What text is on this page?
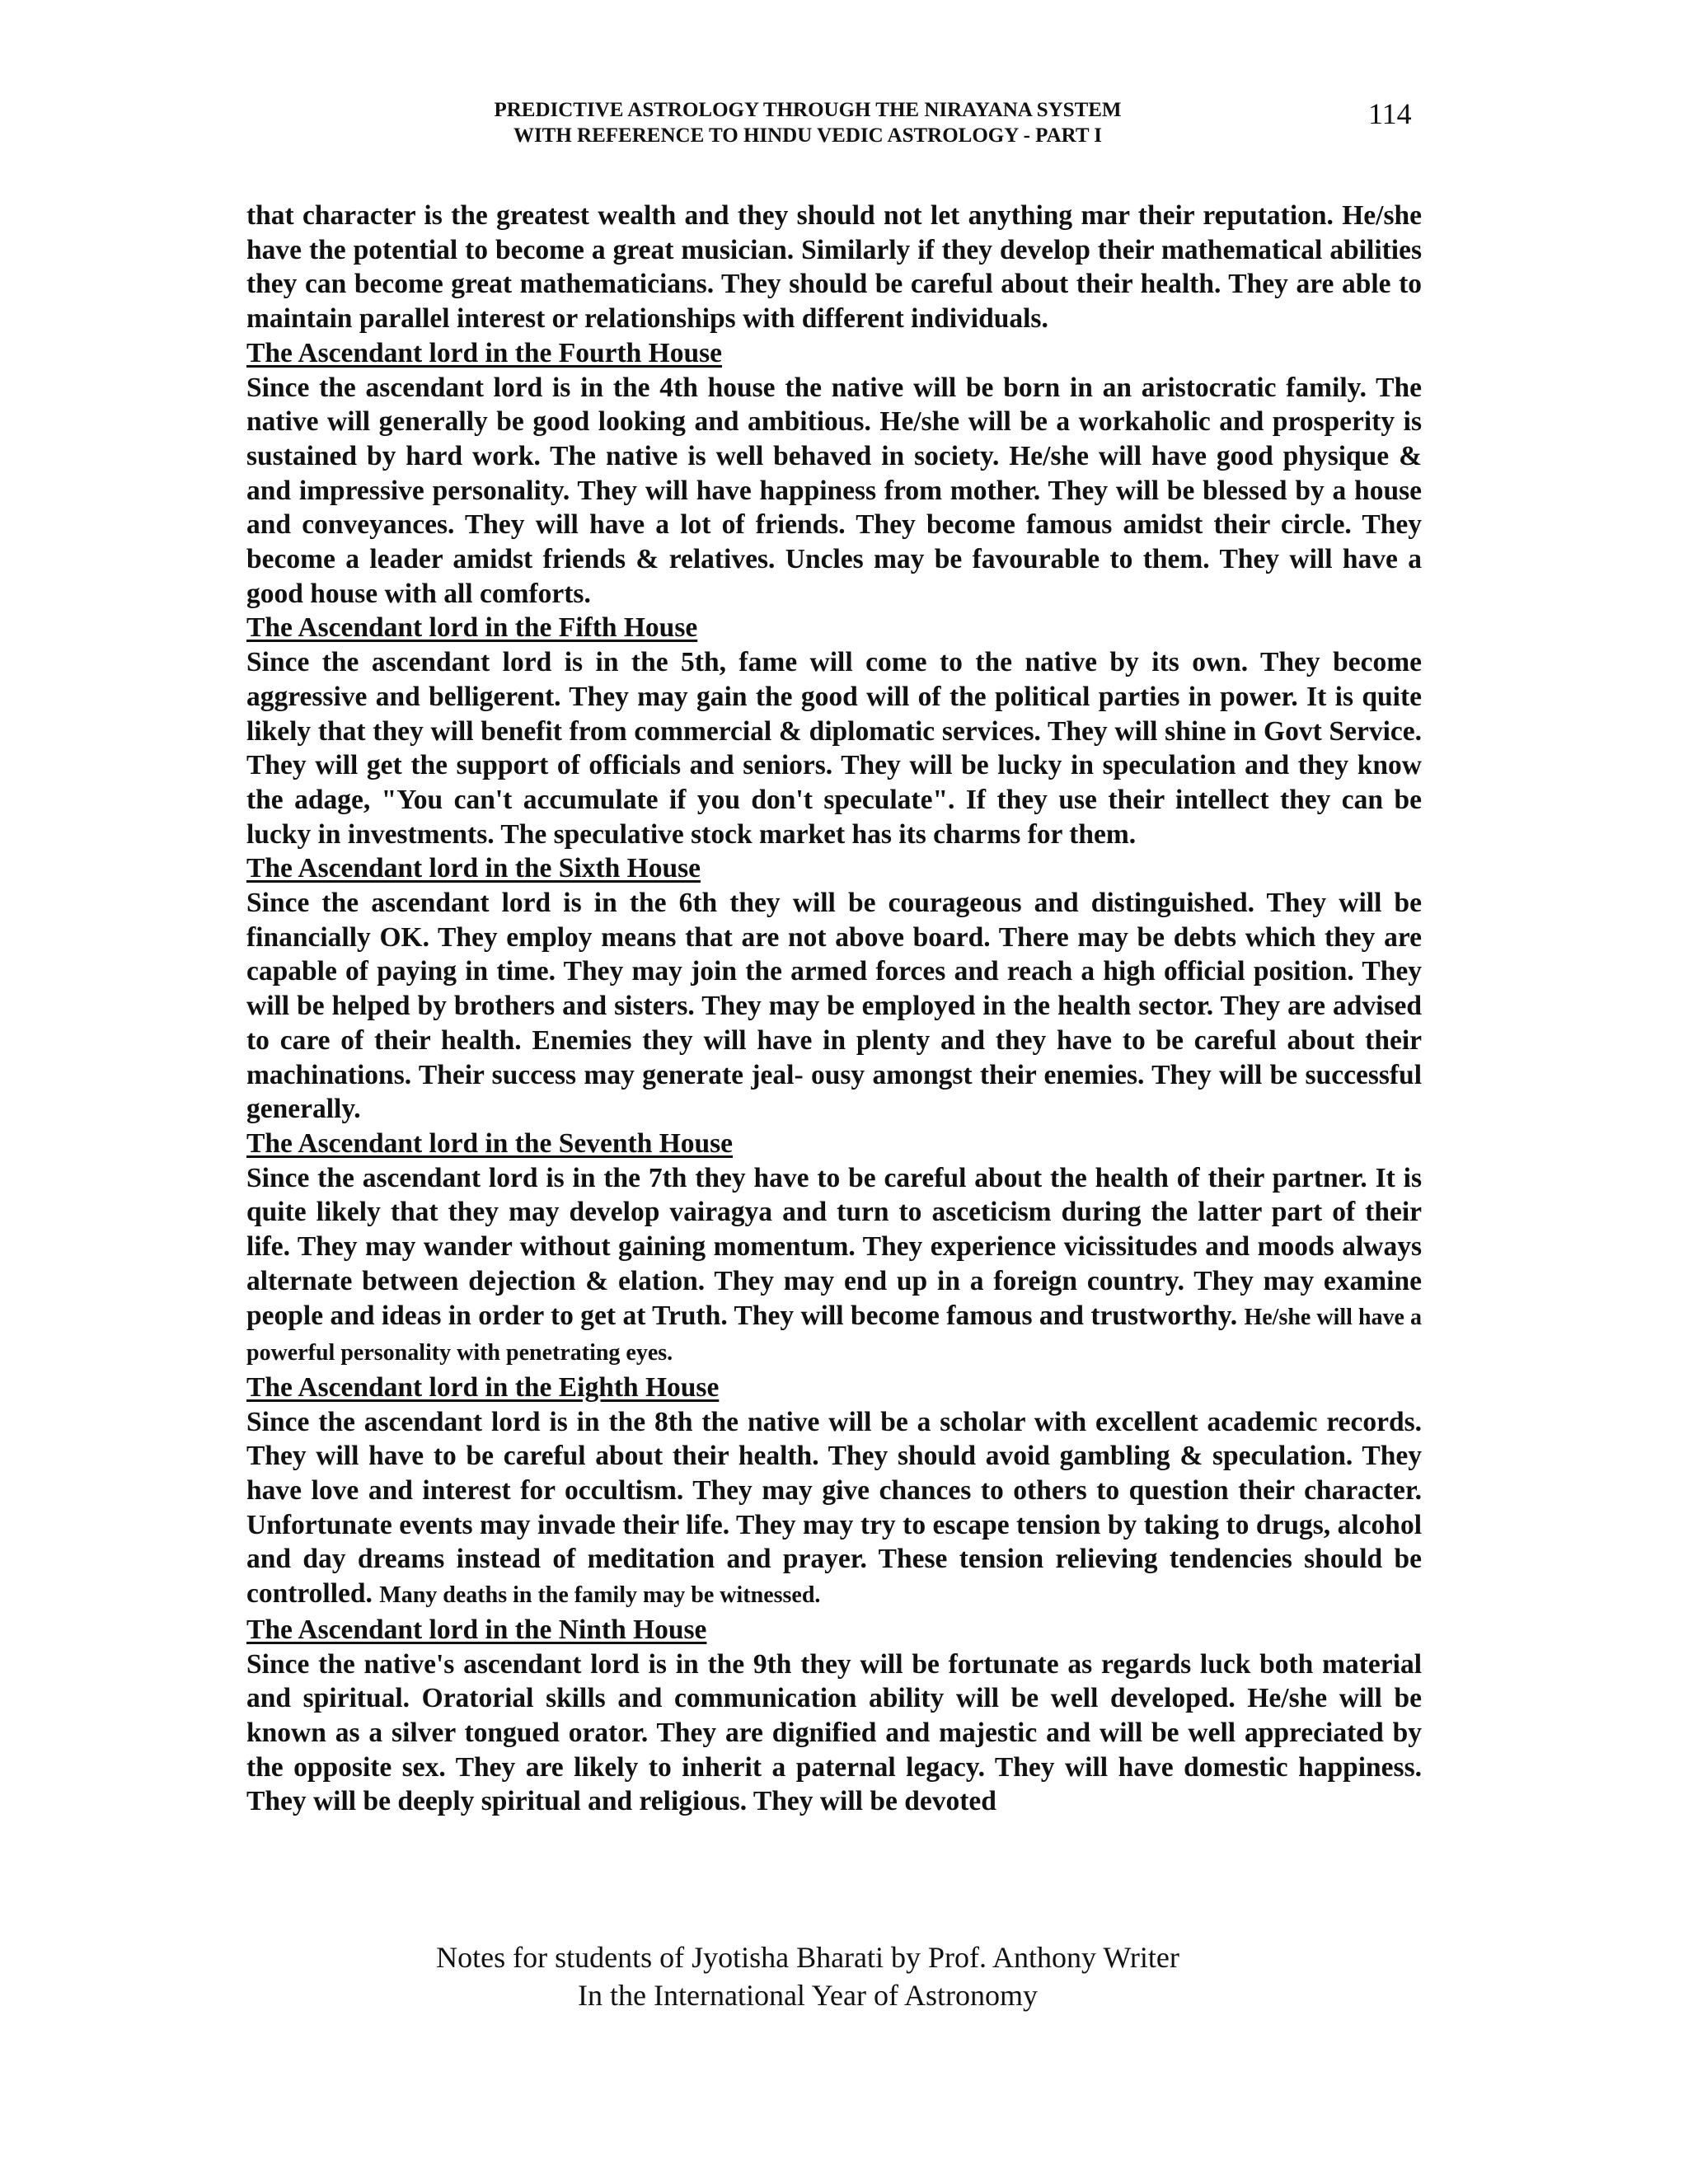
PREDICTIVE ASTROLOGY THROUGH THE NIRAYANA SYSTEM
WITH REFERENCE TO HINDU VEDIC ASTROLOGY - PART I
114

that character is the greatest wealth and they should not let anything mar their reputation. He/she have the potential to become a great musician. Similarly if they develop their mathematical abilities they can become great mathematicians. They should be careful about their health. They are able to maintain parallel interest or relationships with different individuals.

The Ascendant lord in the Fourth House

Since the ascendant lord is in the 4th house the native will be born in an aristocratic family. The native will generally be good looking and ambitious. He/she will be a workaholic and prosperity is sustained by hard work. The native is well behaved in society. He/she will have good physique & and impressive personality. They will have happiness from mother. They will be blessed by a house and conveyances. They will have a lot of friends. They become famous amidst their circle. They become a leader amidst friends & relatives. Uncles may be favourable to them. They will have a good house with all comforts.

The Ascendant lord in the Fifth House

Since the ascendant lord is in the 5th, fame will come to the native by its own. They become aggressive and belligerent. They may gain the good will of the political parties in power. It is quite likely that they will benefit from commercial & diplomatic services. They will shine in Govt Service. They will get the support of officials and seniors. They will be lucky in speculation and they know the adage, "You can't accumulate if you don't speculate". If they use their intellect they can be lucky in investments. The speculative stock market has its charms for them.

The Ascendant lord in the Sixth House

Since the ascendant lord is in the 6th they will be courageous and distinguished. They will be financially OK. They employ means that are not above board. There may be debts which they are capable of paying in time. They may join the armed forces and reach a high official position. They will be helped by brothers and sisters. They may be employed in the health sector. They are advised to care of their health. Enemies they will have in plenty and they have to be careful about their machinations. Their success may generate jeal- ousy amongst their enemies. They will be successful generally.

The Ascendant lord in the Seventh House

Since the ascendant lord is in the 7th they have to be careful about the health of their partner. It is quite likely that they may develop vairagya and turn to asceticism during the latter part of their life. They may wander without gaining momentum. They experience vicissitudes and moods always alternate between dejection & elation. They may end up in a foreign country. They may examine people and ideas in order to get at Truth. They will become famous and trustworthy. He/she will have a powerful personality with penetrating eyes.

The Ascendant lord in the Eighth House

Since the ascendant lord is in the 8th the native will be a scholar with excellent academic records. They will have to be careful about their health. They should avoid gambling & speculation. They have love and interest for occultism. They may give chances to others to question their character. Unfortunate events may invade their life. They may try to escape tension by taking to drugs, alcohol and day dreams instead of meditation and prayer. These tension relieving tendencies should be controlled. Many deaths in the family may be witnessed.

The Ascendant lord in the Ninth House

Since the native's ascendant lord is in the 9th they will be fortunate as regards luck both material and spiritual. Oratorial skills and communication ability will be well developed. He/she will be known as a silver tongued orator. They are dignified and majestic and will be well appreciated by the opposite sex. They are likely to inherit a paternal legacy. They will have domestic happiness. They will be deeply spiritual and religious. They will be devoted

Notes for students of Jyotisha Bharati by Prof. Anthony Writer
In the International Year of Astronomy
